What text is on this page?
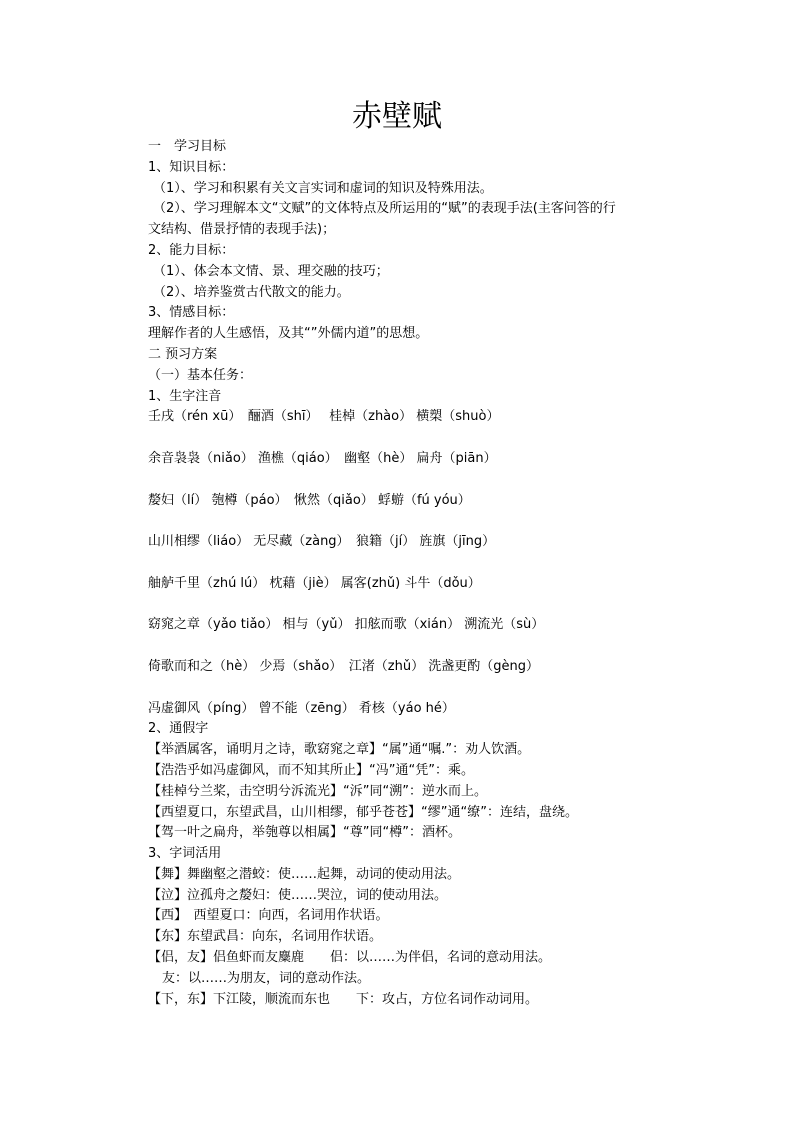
赤壁赋

一　学习目标

1、知识目标：

（1）、学习和积累有关文言实词和虚词的知识及特殊用法。

（2）、学习理解本文“文赋”的文体特点及所运用的“赋”的表现手法(主客问答的行

文结构、借景抒情的表现手法)；

2、能力目标：

（1）、体会本文情、景、理交融的技巧；

（2）、培养鉴赏古代散文的能力。

3、情感目标：

理解作者的人生感悟，及其“”外儒内道”的思想。

二 预习方案

（一）基本任务：

1、生字注音

壬戌（rén xū）　酾酒（shī）　 桂棹（zhào） 横槊（shuò）

余音袅袅（niǎo） 渔樵（qiáo）　幽壑（hè） 扁舟（piān）

嫠妇（lí） 匏樽（páo）　愀然（qiǎo） 蜉蝣（fú yóu）

山川相缪（liáo） 无尽藏（zàng）　狼籍（jí） 旌旗（jīng）

舳舻千里（zhú lú） 枕藉（jiè） 属客(zhǔ) 斗牛（dǒu）

窈窕之章（yǎo tiǎo） 相与（yǔ） 扣舷而歌（xián） 溯流光（sù）

倚歌而和之（hè） 少焉（shǎo）　江渚（zhǔ） 洗盏更酌（gèng）

冯虚御风（píng） 曾不能（zēng） 肴核（yáo hé）

2、通假字

【举酒属客，诵明月之诗，歌窈窕之章】“属”通“嘱.”：劝人饮酒。

【浩浩乎如冯虚御风，而不知其所止】“冯”通“凭”：乘。

【桂棹兮兰桨，击空明兮泝流光】“泝”同“溯”：逆水而上。

【西望夏口，东望武昌，山川相缪，郁乎苍苍】“缪”通“缭”：连结，盘绕。

【驾一叶之扁舟，举匏尊以相属】“尊”同“樽”：酒杯。

3、字词活用

【舞】舞幽壑之潜蛟：使……起舞，动词的使动用法。

【泣】泣孤舟之嫠妇：使……哭泣，词的使动用法。

【西】　西望夏口：向西，名词用作状语。

【东】东望武昌：向东，名词用作状语。

【侣，友】侣鱼虾而友麋鹿　　侣：以……为伴侣，名词的意动用法。

友：以……为朋友，词的意动作法。

【下，东】下江陵，顺流而东也　　下：攻占，方位名词作动词用。
